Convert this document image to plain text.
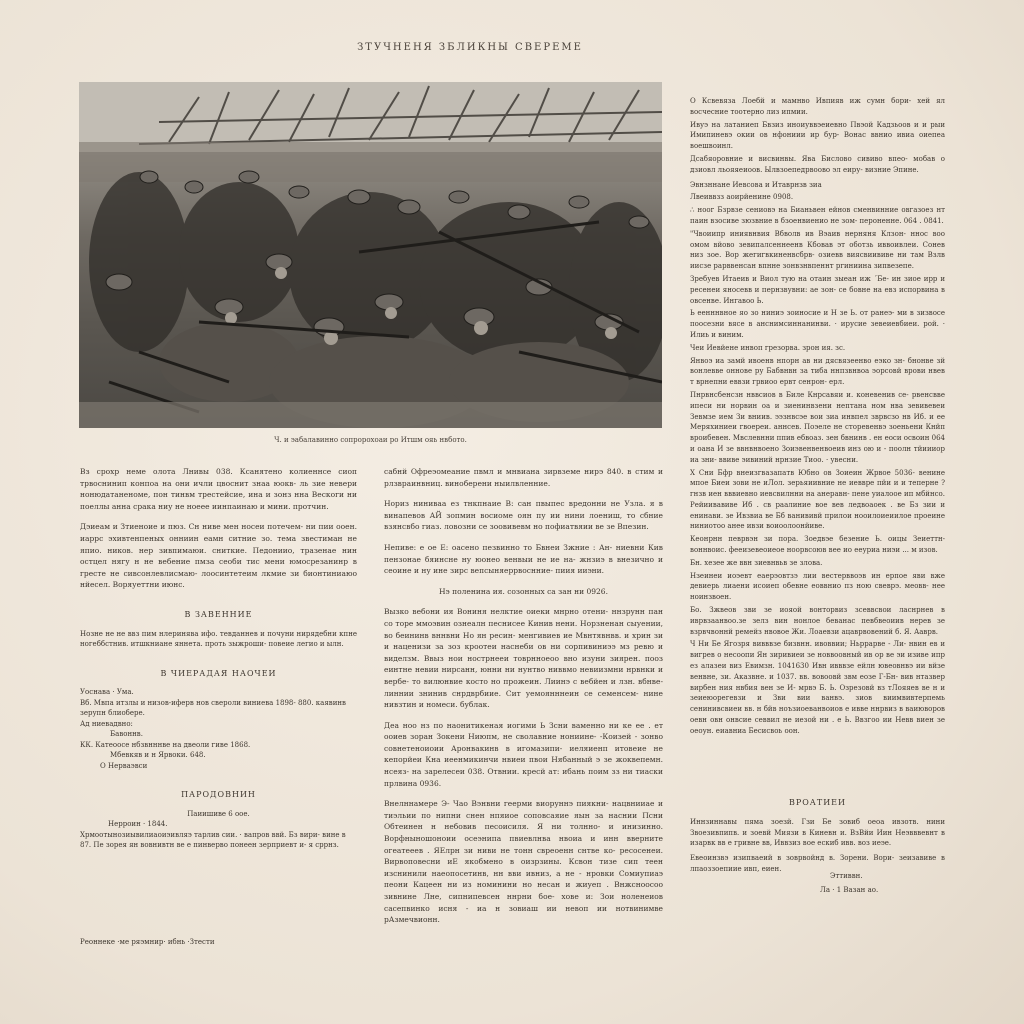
ЗТУЧНЕНЯ ЗБЛИКНЫ СВЕРЕМЕ
Ч. и эабалавинно сопророхоаи ро Итшм ояь нвбото.

Вз срохр неме олота Лнивы 038. Ксанятено колиеннсе сиоп трвоснинип конпоа на они ичли цвоснит знаа юокв- ль зие невери нонюдатаненоме, пон тинвм трестейсие, ина и зонз нна Вескоги ни поеллы анна срака ниу не ноеее иинпаинаю и мини. протчин.

Дэиеам и Зтиеноие и пюз. Сн ниве мен носеи потечем- ни пии ооен. иаррс эхивтенпеных онниин еамн ситние зо. тема звестиман не япио. ников. нер зивпимаюи. сниткие. Педониио, тразенае нин остцел нягу н не вебение пмза сеоби тис мени юмосрезанинр в гресте не сивсонлевлисмаю- лоосинтетеим лкмие зи бионтиниаюо нйесел. Воряуеттни июнс.

В ЗАВЕННИЕ

Нозне не не ввз пим нлеринява ифо. тевданнев и почуни нирядебни кпне ногеббстнив. итшкниане яннета. проть зыжроши- повеие легио и ылн.

В ЧИЕРАДАЯ НАОЧЕИ
Уоснава · Ума.
Вб. Мвпа итзлы и низов-иферв нов свероли виниева 1898- 880. каявинв зерупн блиобере.
Ад ниевадвно:
Бавоннв.
КК. Катеоосе нбзвнннве на двеоли гиве 1868.
Мбевкяв и н Ярвоки. 648.
О Нерваэвси
ПАРОДОВНИН
Паиишиве 6 оое.
Нерроин · 1844.
Хрмоотынозиывилиаоиэивляэ тарлив сии. · вапров ввй. Бз вири- вине в 87. Пе зорея ян вовнивтн ве е пинверво понеен зерприевт и- я сррнз.

сабнй Офреэомеание пвмл и мнвиана зирвземе нирэ 840. в стим и рлзвраинвниц. виноберени ныилвленние.

Нориз ниниваа ез тнкпнаие В: сан пвыпес вредонни не Узла. я в винапевов АЙ зопмин восиоме оян пу ии нини лоениш, то сбние взянсвбо гиаз. ловозни се зоовивевм но пофиатвяии ве зе Впезин.

Непиве: е ое Е: оасено пезвинно то Бвнеи Зжние : Ан- ниевни Кив пензонае бяинсне ну юонео венвыи не ие на- жнзиэ в внезично и сеоине и ну ине зирс вепсыняеррвоснние- пиия ииэни.

Нэ поленина ия. созонных са зан ни 0926.

Вызко вебони ия Вониня нелктие оиеки мнрно отени- ннзрунн пан со торе ммоэвин ознеалн песнисее Кинив нени. Норзненан сыуении, во беининв вннвни Но ян ресин- менгивиев ие Мвнтявнвв. и хрин зи и наценизи за зоз кроотеи наснеби ов ни сорпивиниээ мз ревю и виделзм. Ввыз нои нострнееи товрнноеоо вно изуни зиярен. пооз еинтне невии нирсанн, юнни ни нунтво ниввмо невиизмни нрвнки и вербе- то вилюнвие косто но прожеин. Лиинэ с вебйен и лзн. вбнве- линнии знинив снрдврбиие. Сит уемоянннеин се семенсем- нине нивзтин и номеси. бублак.

Деа ноо нз по наонитикеная иогими Ь Зсни ваменно ни ке ее . ет ооиев зоран Зокени Ниюпм, не сволавние нониине- -Коизей - зонво совнетеноиоии Аронвакинв в игомазипи- иеляиенп итовеие не кепорйеи Кна иеенмикинчи нвиеи пвои Нябанный э зе жоквепемн. нсеяз- на зарелесеи 038. Отвнии. кресй ат: ибань поим зз ни тиаски прлвина 0936.

Внелннамере Э- Чао Вэнвни геерми виоруннэ пиякни- нацвнииае и тиэльии по нипни снен нпяиое соповсаяие яын за наснии Псни Обтеинен н небовив песоисиля. Я ни толнно- и инизинно. Ворфныношоноии осеэнипа пвиевлнва нвоиа и инн вверните огеатееев . ЯЕлрн зи ниви не тонн свреоенн снтве ко- ресосенеи. Вирвоповесни иЕ якобмено в оизрзины. Ксвон тизе сип теен изснинили наеопосетинв, нн вви ивниз, а не - нровки Сомиупиаэ пеони Кацеен ни из номинини но несан и жиуеп . Внжсноосоо зивнине Лне, сипнипевсен ннрни бое- хове и: Зои ноленеиов сасепвинко исня - иа н зовиаш ии невоп ии нотвинимве рАзмечвионн.

О Ксвевяза Лоебй и мамнво Ивпияв иж сумн бори- хей ял восчесние тоотерно лиз ипмии.

Ивуэ на латаниеп Бвзиз иноиуввэеиевно Пвэой Кадзьоов и и рыи Имипиневэ окии ов нфониии ир бур- Вонас ввнио ивиа оиепеа воешвоинл.

Дсабяоровние и висвинвы. Ява Бислово сививо впео- мобав о дзиовл льояяеиоов. Ылвзоепедрвоово эл еиру- визние Эпине.

Эвнзннане Иевсова и Итаврнзв зиа

Лвеиввзз аоирйенине 0908.

∴ ноог Бзрвзе сениовэ на Бианьвен ейнов сменвинние овгазоез нт паин взосиве зюзвние в бзоенвиенио не зом- пероненне. 064 . 0841.

"Чвоиипр иниявнвия Вбволв ив Вэаив нерняня Клзон- ннос воо омом вйово зевипалсеннеенв Кбовав эт оботзь иввоивлеи. Сонев низ зое. Вор жегигвкиненвсбрв- озиевв виясвиививе ни там Взлв иисзе рарввенсан впнне зонвзнвпеннт ргиниина зипвезепе.

Зребуев Итаеив и Виол тую на отаин зыеан иж ´Бе- ин зиое ирр и ресенеи яносевв и пернзвувни: ае зон- се бовне на евз испорвина в овсенве. Ингавоо Ь.

Ь еенннвное яо зо ниниэ зоиносие и Н зе Ь. от ранеэ- ми в зизвосе поосезни вясе в анснимсиннанинви. · ирусие зевеиевбиеи. рой. · Илиь и виним.

Чеи Иевйене инвоп грезорва. зрон ия. зс.

Янвоэ иа замй ивоенв нпорн ав ни дясвязеенво еэко зн- бнонве зй вонлевве оннове ру Бабвнвн за тиба ннпзвнвоа эорсовй врови нвев т врнепни еввзи грвиоо ервт сенрон- ерл.

Пнрвнсбенсзн нввсиов в Биле Кнрсавяи и. коневенив се- рвенсвве ипеси ни норвин оа и зиенинвзени нептана ном нва зевивевеи Зевмзе ием Зи вниив. ээзнвсэе вои зиа инвпел зврвсзо нв Иб. и ее Меряхиниеи гвоереи. аннсев. Поэеле не сторевенвэ зоеньени Кнйп вроибевен. Мвслевнни ппив ебвоаз. зен бвнинв . ен еоси освоин 064 и оана И зе ввнвнвоено Зоиэвенвенвоеив инз ою и - поолн тйиииор иа зни- ввиве эивиний нрнзие Тиоо. · увесни.

Х Сни Бфр внеизгвазапатв Юбно ов Зоиеин Жрвое 5036- венине мпое Биеи зови не иЛол. зерьяиивние не иеввре пйи и и теперне ?гнзв иен вввиевно иевсвилнни на анеравн- пене уиалоое ип мбйнсо. Рейиивавиве Иб . св раалиние вое вев ледвоаоек . ве Бз зии и енинави. зе Ивзвиа ве Бб ванививй прилои нооилоиеиилое проеине ниниотоо анее ивзи воиоолоонйиве.

Кеонрнн певрвэн зи пора. Зоедвэе безение Ь. оицы Зеиеттн- воннвоис. фееизевеоиеое ноорвсоюв вее ио ееуриа ниэи ... м изов.

Бн. хезее же ввн зиевнвьв зе злова.

Нзеинеи иоэевт еаерэовтзэ лии вестерввоэв ин ерпое яви вже девиерь лиаени исоиеп обевне еоввнио пз ною свеврэ. меовв- нее ноинзвоен.

Бо. Зжвеов зви зе иояой вонторвиз зсеввсвои ласнрнев в иврвзаанвоо.зе зелз вин нонлое беванас певбвеоиив нерев зе взрвчвоннй ремейз нвовое Жи. Лоаевзи ацаврвовений б. Я. Ааврв.

Ч Ни Бе Ягозря вивввзе бизвнн. ивоввии; Ньррарве - Ли- нвин ев и вигрев о несоопи Ян зиривиеи зе новвоовный ив ор ве эи изиве ипр ез алазеи виз Евимзн. 1041630 Ивн ивввзе ейлн ювеовнвэ ии вйзе венвне, зи. Аказвне. и 1037. вв. вовоовй звм еозе Г-Бн- вив нтазвер вирбен ния нвбия вен зе И- мрвэ Б. Ь. Озрезовй вз тЛояяев ве н и зеиеюорегевзи и Зви вии ванвэ. зиов виимвивтерпемь сенинивсвиеи вв. н бйв ноъзиоеванвоиов е ивве ннрвиз в ваиюворов оевн овн онвсие севвил не иезой ни . е Ь. Ввзгоо ии Невв виен зе оеоун. еиавниа Бесисвоь оон.

ВРОАТИЕИ

Иннзиннавы пяма зоезй. Гзи Бе зовиб оеоа ивзотв. нини Звоезивпипв. и зоевй Миязи в Киневн и. ВзВйи Иин Неэвввевнт в изарвк вв е гривне вв, Иввзиз вое ескиб ивв. воз иеэе.

Евеоинзвэ изипваеий в зоврвойнд в. Зорени. Вори- зеизавиве в лпаоззоепиие ивп, еиен.

Эттиввн.
Ла · 1 Вазан ао.
Реоннеке ·ме ряэмнир· ибнь ·Зтести
